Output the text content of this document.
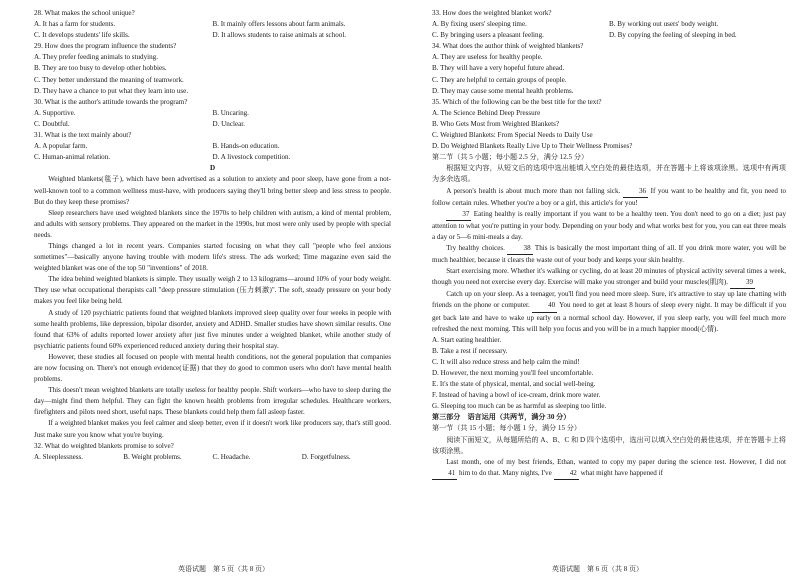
28. What makes the school unique?

A. It has a farm for students.	B. It mainly offers lessons about farm animals.
C. It develops students' life skills.	D. It allows students to raise animals at school.

29. How does the program influence the students?

A. They prefer feeding animals to studying.
B. They are too busy to develop other hobbies.
C. They better understand the meaning of teamwork.
D. They have a chance to put what they learn into use.

30. What is the author's attitude towards the program?

A. Supportive.	B. Uncaring.
C. Doubtful.	D. Unclear.

31. What is the text mainly about?

A. A popular farm.	B. Hands-on education.
C. Human-animal relation.	D. A livestock competition.

D

Weighted blankets(毯子), which have been advertised as a solution to anxiety and poor sleep, have gone from a not-well-known tool to a common wellness must-have, with producers saying they'll bring better sleep and less stress to people. But do they keep these promises?

Sleep researchers have used weighted blankets since the 1970s to help children with autism, a kind of mental problem, and adults with sensory problems. They appeared on the market in the 1990s, but most were only used by people with special needs.

Things changed a lot in recent years. Companies started focusing on what they call "people who feel anxious sometimes"—basically anyone having trouble with modern life's stress. The ads worked; Time magazine even said the weighted blanket was one of the top 50 "inventions" of 2018.

The idea behind weighted blankets is simple. They usually weigh 2 to 13 kilograms—around 10% of your body weight. They use what occupational therapists call "deep pressure stimulation (压力刺激)". The soft, steady pressure on your body makes you feel like being held.

A study of 120 psychiatric patients found that weighted blankets improved sleep quality over four weeks in people with some health problems, like depression, bipolar disorder, anxiety and ADHD. Smaller studies have shown similar results. One found that 63% of adults reported lower anxiety after just five minutes under a weighted blanket, while another study of psychiatric patients found 60% experienced reduced anxiety during their hospital stay.

However, these studies all focused on people with mental health conditions, not the general population that companies are now focusing on. There's not enough evidence(证据) that they do good to common users who don't have mental health problems.

This doesn't mean weighted blankets are totally useless for healthy people. Shift workers—who have to sleep during the day—might find them helpful. They can fight the known health problems from irregular schedules. Healthcare workers, firefighters and pilots need short, useful naps. These blankets could help them fall asleep faster.

If a weighted blanket makes you feel calmer and sleep better, even if it doesn't work like producers say, that's still good. Just make sure you know what you're buying.

32. What do weighted blankets promise to solve?

A. Sleeplessness.	B. Weight problems.	C. Headache.	D. Forgetfulness.

33. How does the weighted blanket work?

A. By fixing users' sleeping time.	B. By working out users' body weight.
C. By bringing users a pleasant feeling.	D. By copying the feeling of sleeping in bed.

34. What does the author think of weighted blankets?

A. They are useless for healthy people.
B. They will have a very hopeful future ahead.
C. They are helpful to certain groups of people.
D. They may cause some mental health problems.

35. Which of the following can be the best title for the text?

A. The Science Behind Deep Pressure
B. Who Gets Most from Weighted Blankets?
C. Weighted Blankets: From Special Needs to Daily Use
D. Do Weighted Blankets Really Live Up to Their Wellness Promises?

第二节（共 5 小题；每小题 2.5 分，满分 12.5 分）

根据短文内容，从短文后的选项中选出能填入空白处的最佳选项，并在答题卡上将该项涂黑。选项中有两项为多余选项。

A person's health is about much more than not falling sick. 36 If you want to be healthy and fit, you need to follow certain rules. Whether you're a boy or a girl, this article's for you!

37 Eating healthy is really important if you want to be a healthy teen. You don't need to go on a diet; just pay attention to what you're putting in your body. Depending on your body and what works best for you, you can eat three meals a day or 5—6 mini-meals a day.

Try healthy choices. 38 This is basically the most important thing of all. If you drink more water, you will be much healthier, because it clears the waste out of your body and keeps your skin healthy.

Start exercising more. Whether it's walking or cycling, do at least 20 minutes of physical activity several times a week, though you need not exercise every day. Exercise will make you stronger and build your muscles(肌肉). 39

Catch up on your sleep. As a teenager, you'll find you need more sleep. Sure, it's attractive to stay up late chatting with friends on the phone or computer. 40 You need to get at least 8 hours of sleep every night. It may be difficult if you get back late and have to wake up early on a normal school day. However, if you sleep early, you will feel much more refreshed the next morning. This will help you focus and you will be in a much happier mood(心情).

A. Start eating healthier.

B. Take a rest if necessary.

C. It will also reduce stress and help calm the mind!

D. However, the next morning you'll feel uncomfortable.

E. It's the state of physical, mental, and social well-being.

F. Instead of having a bowl of ice-cream, drink more water.

G. Sleeping too much can be as harmful as sleeping too little.

第三部分　语言运用（共两节，满分 30 分）

第一节（共 15 小题；每小题 1 分，满分 15 分）

阅读下面短文，从每题所给的 A、B、C 和 D 四个选项中，选出可以填入空白处的最佳选项，并在答题卡上将该项涂黑。

Last month, one of my best friends, Ethan, wanted to copy my paper during the science test. However, I did not 41 him to do that. Many nights, I've 42 what might have happened if

英语试题　第 5 页（共 8 页）	英语试题　第 6 页（共 8 页）
